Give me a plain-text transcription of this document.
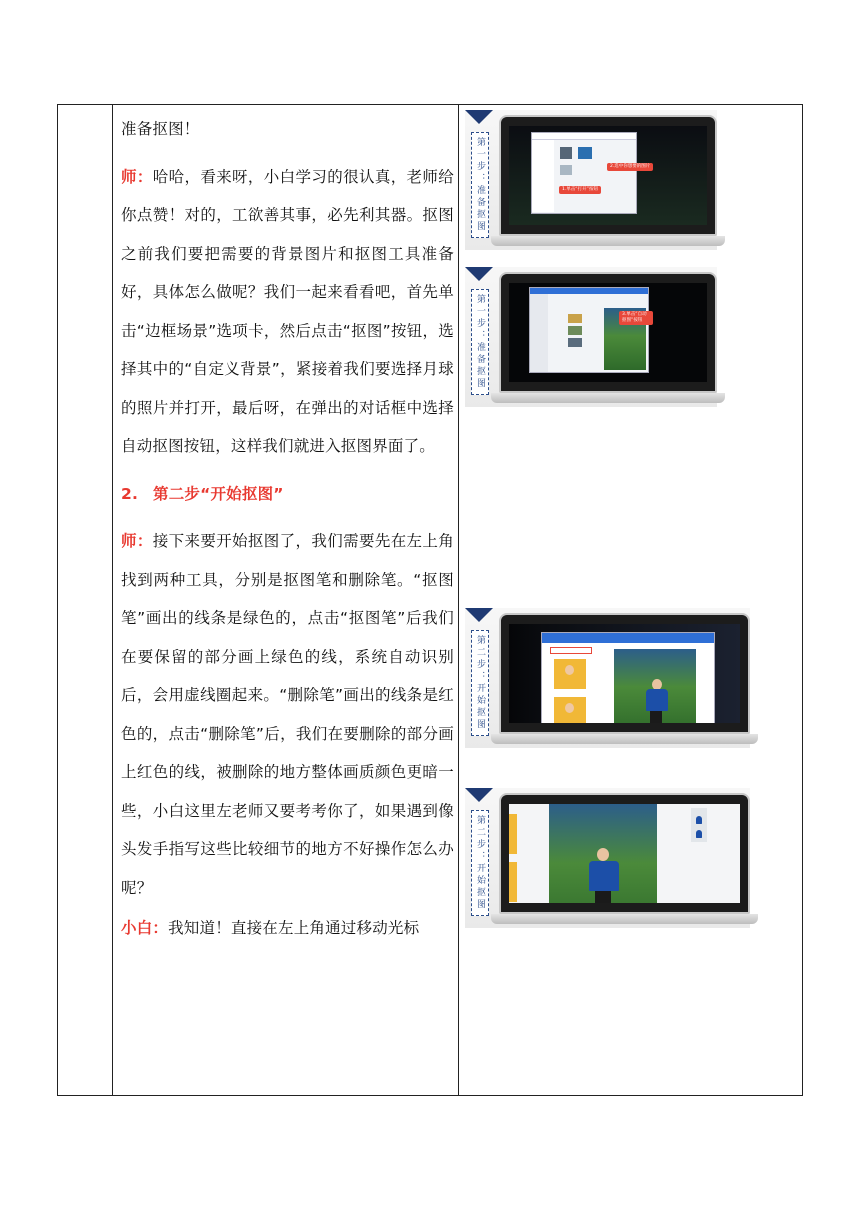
准备抠图！

师：哈哈，看来呀，小白学习的很认真，老师给你点赞！对的，工欲善其事，必先利其器。抠图之前我们要把需要的背景图片和抠图工具准备好，具体怎么做呢？我们一起来看看吧，首先单击“边框场景”选项卡，然后点击“抠图”按钮，选择其中的“自定义背景”，紧接着我们要选择月球的照片并打开，最后呀，在弹出的对话框中选择自动抠图按钮，这样我们就进入抠图界面了。

2. 第二步“开始抠图”

师：接下来要开始抠图了，我们需要先在左上角找到两种工具，分别是抠图笔和删除笔。“抠图笔”画出的线条是绿色的，点击“抠图笔”后我们在要保留的部分画上绿色的线，系统自动识别后，会用虚线圈起来。“删除笔”画出的线条是红色的，点击“删除笔”后，我们在要删除的部分画上红色的线，被删除的地方整体画质颜色更暗一些，小白这里左老师又要考考你了，如果遇到像头发手指写这些比较细节的地方不好操作怎么办呢？

小白：我知道！直接在左上角通过移动光标

第一步：准备抠图	2.选中你想要的图片
1.单击“打开”按钮
第一步：准备抠图	3.单击“自动抠图”按钮
第二步：开始抠图
第二步：开始抠图
